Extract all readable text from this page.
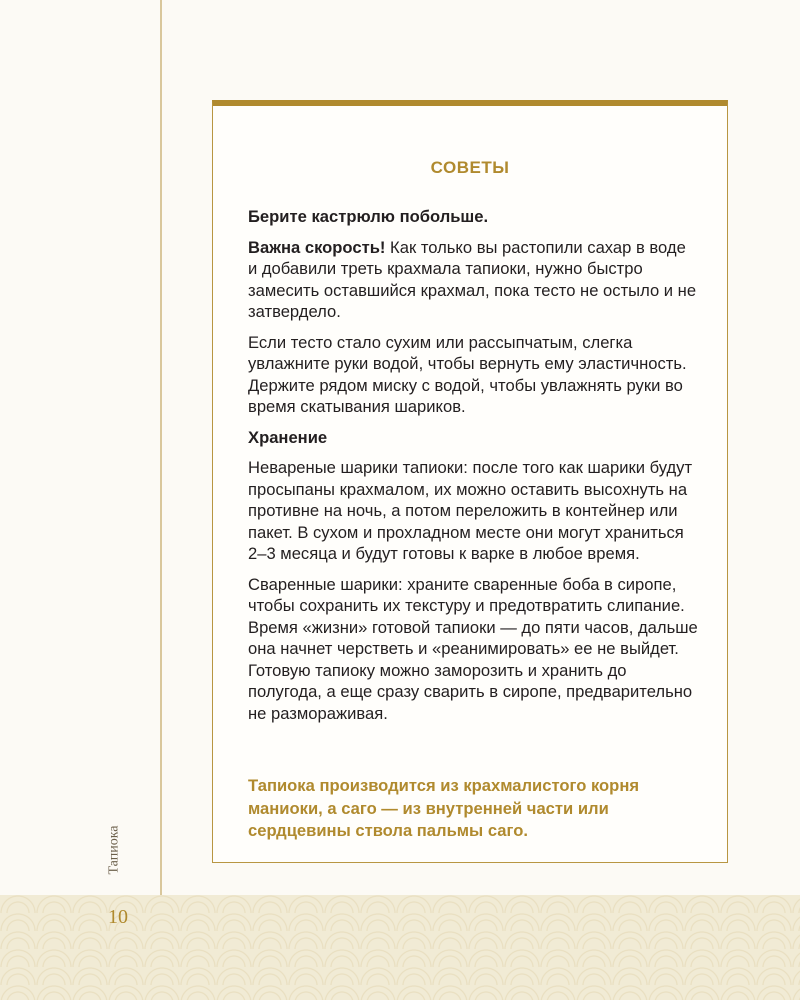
Тапиока
10
СОВЕТЫ

Берите кастрюлю побольше.

Важна скорость! Как только вы растопили сахар в воде и добавили треть крахмала тапиоки, нужно быстро замесить оставшийся крахмал, пока тесто не остыло и не затвердело.

Если тесто стало сухим или рассыпчатым, слегка увлажните руки водой, чтобы вернуть ему эластичность. Держите рядом миску с водой, чтобы увлажнять руки во время скатывания шариков.

Хранение

Невареные шарики тапиоки: после того как шарики будут просыпаны крахмалом, их можно оставить высохнуть на противне на ночь, а потом переложить в контейнер или пакет. В сухом и прохладном месте они могут храниться 2–3 месяца и будут готовы к варке в любое время.

Сваренные шарики: храните сваренные боба в сиропе, чтобы сохранить их текстуру и предотвратить слипание. Время «жизни» готовой тапиоки — до пяти часов, дальше она начнет черстветь и «реанимировать» ее не выйдет. Готовую тапиоку можно заморозить и хранить до полугода, а еще сразу сварить в сиропе, предварительно не размораживая.

Тапиока производится из крахмалистого корня маниоки, а саго — из внутренней части или сердцевины ствола пальмы саго.
